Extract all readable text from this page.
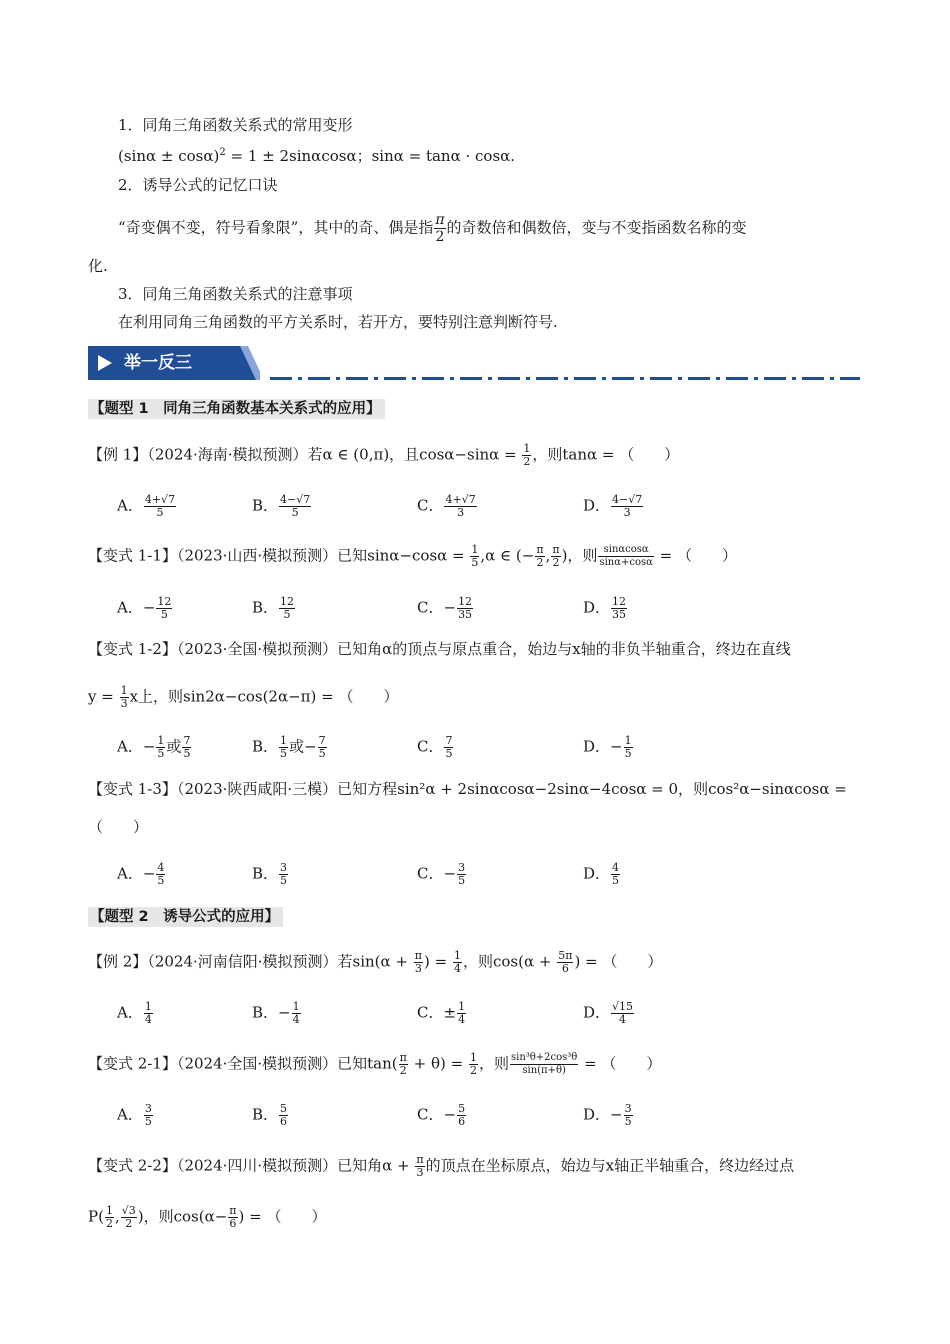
1．同角三角函数关系式的常用变形
$(\sin\alpha \pm \cos\alpha)^2 = 1 \pm 2\sin\alpha\cos\alpha$；sinα = tanα · cosα.
2．诱导公式的记忆口诀
“奇变偶不变，符号看象限”，其中的奇、偶是指 $\frac{\pi}{2}$ 的奇数倍和偶数倍，变与不变指函数名称的变
化.
3．同角三角函数关系式的注意事项
在利用同角三角函数的平方关系时，若开方，要特别注意判断符号.
举一反三
【题型 1　同角三角函数基本关系式的应用】
【例 1】（2024·海南·模拟预测）若α ∈ (0,π)，且$\cos\alpha-\sin\alpha = \frac{1}{2}$ ，则tanα = （　　）
A． $\frac{4+√7}{5}$	B． $\frac{4-√7}{5}$	C． $\frac{4+√7}{3}$	D． $\frac{4-√7}{3}$
【变式 1-1】（2023·山西·模拟预测）已知$\sin\alpha-\cos\alpha = \frac{1}{5} ,\alpha$ ∈ (− $\frac{\pi}{2}$ , $\frac{\pi}{2}$ )，则 $\frac{\sin\alpha\cos\alpha}{\sin\alpha+\cos\alpha}$ = （　　）
A．− $\frac{12}{5}$	B． $\frac{12}{5}$	C．− $\frac{12}{35}$	D． $\frac{12}{35}$
【变式 1-2】（2023·全国·模拟预测）已知角α的顶点与原点重合，始边与x轴的非负半轴重合，终边在直线
$y = \frac{1}{3}$ x上，则sin2α−cos(2α−π) = （　　）
A．− $\frac{1}{5}$ 或 $\frac{7}{5}$	B． $\frac{1}{5}$ 或− $\frac{7}{5}$	C． $\frac{7}{5}$	D．− $\frac{1}{5}$
【变式 1-3】（2023·陕西咸阳·三模）已知方程sin²α + 2sinαcosα−2sinα−4cosα = 0，则cos²α−sinαcosα =
（　　）
A．− $\frac{4}{5}$	B． $\frac{3}{5}$	C．− $\frac{3}{5}$	D． $\frac{4}{5}$
【题型 2　诱导公式的应用】
【例 2】（2024·河南信阳·模拟预测）若$\sin(\alpha + \frac{\pi}{3}$ ) = $\frac{1}{4}$ ，则$\cos(\alpha + \frac{5\pi}{6}$ ) = （　　）
A． $\frac{1}{4}$	B．− $\frac{1}{4}$	C．± $\frac{1}{4}$	D． $\frac{√15}{4}$
【变式 2-1】（2024·全国·模拟预测）已知$\tan( \frac{\pi}{2} + \theta) = \frac{1}{2}$ ，则 $\frac{\text{sin³θ+2cos³θ}}{\sin(\pi+\theta)}$ = （　　）
A． $\frac{3}{5}$	B． $\frac{5}{6}$	C．− $\frac{5}{6}$	D．− $\frac{3}{5}$
【变式 2-2】（2024·四川·模拟预测）已知角$\alpha + \frac{\pi}{3}$ 的顶点在坐标原点，始边与x轴正半轴重合，终边经过点
$P( \frac{1}{2}$ , $\frac{√3}{2}$ )，则$\cos(\alpha- \frac{\pi}{6}$ ) = （　　）
